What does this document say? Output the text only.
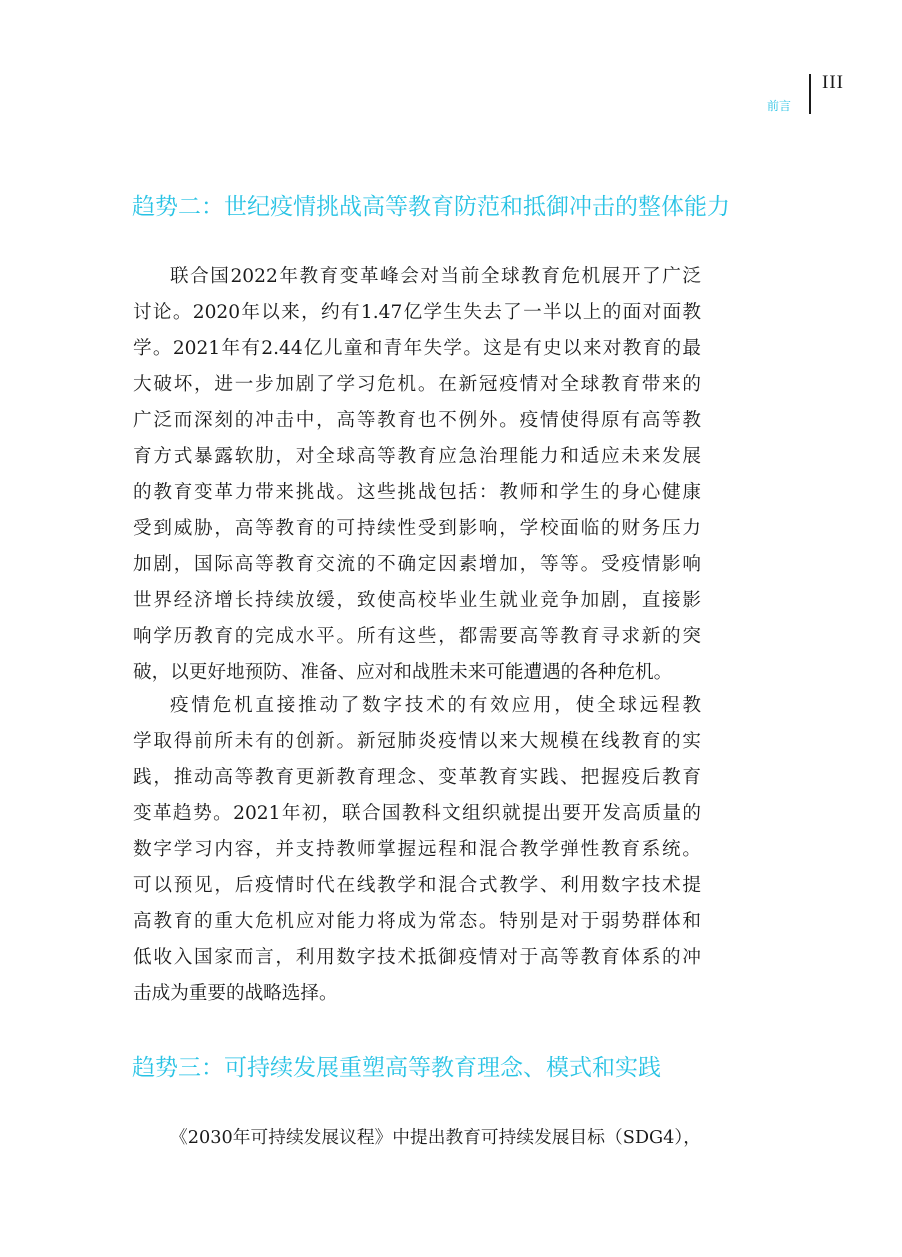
III
前言
趋势二：世纪疫情挑战高等教育防范和抵御冲击的整体能力
联合国2022年教育变革峰会对当前全球教育危机展开了广泛
讨论。2020年以来，约有1.47亿学生失去了一半以上的面对面教
学。2021年有2.44亿儿童和青年失学。这是有史以来对教育的最
大破坏，进一步加剧了学习危机。在新冠疫情对全球教育带来的
广泛而深刻的冲击中，高等教育也不例外。疫情使得原有高等教
育方式暴露软肋，对全球高等教育应急治理能力和适应未来发展
的教育变革力带来挑战。这些挑战包括：教师和学生的身心健康
受到威胁，高等教育的可持续性受到影响，学校面临的财务压力
加剧，国际高等教育交流的不确定因素增加，等等。受疫情影响
世界经济增长持续放缓，致使高校毕业生就业竞争加剧，直接影
响学历教育的完成水平。所有这些，都需要高等教育寻求新的突
破，以更好地预防、准备、应对和战胜未来可能遭遇的各种危机。
疫情危机直接推动了数字技术的有效应用，使全球远程教
学取得前所未有的创新。新冠肺炎疫情以来大规模在线教育的实
践，推动高等教育更新教育理念、变革教育实践、把握疫后教育
变革趋势。2021年初，联合国教科文组织就提出要开发高质量的
数字学习内容，并支持教师掌握远程和混合教学弹性教育系统。
可以预见，后疫情时代在线教学和混合式教学、利用数字技术提
高教育的重大危机应对能力将成为常态。特别是对于弱势群体和
低收入国家而言，利用数字技术抵御疫情对于高等教育体系的冲
击成为重要的战略选择。
趋势三：可持续发展重塑高等教育理念、模式和实践
《2030年可持续发展议程》中提出教育可持续发展目标（SDG4），
